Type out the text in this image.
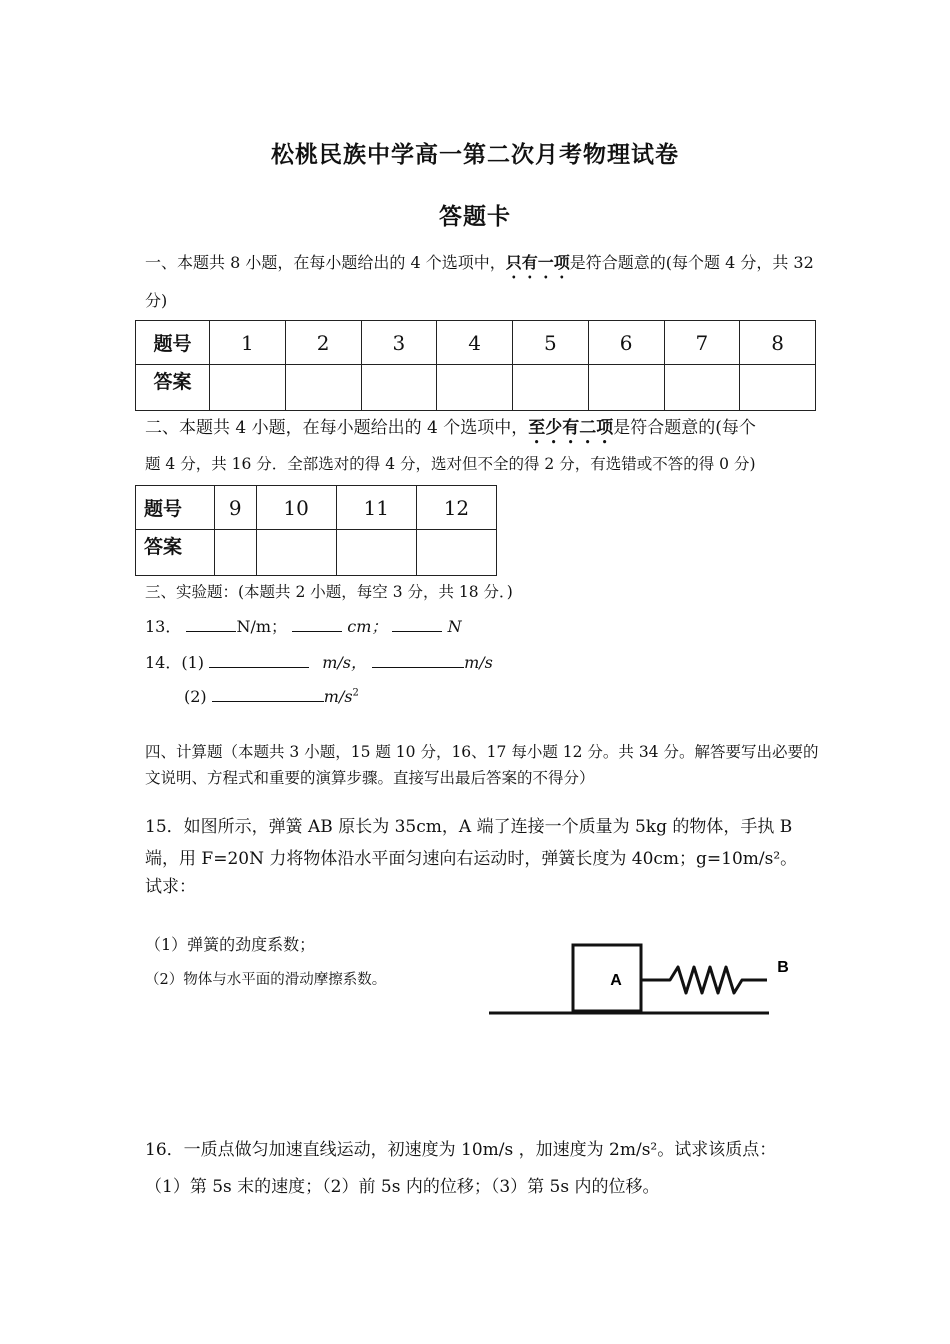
松桃民族中学高一第二次月考物理试卷
答题卡
一、本题共 8 小题，在每小题给出的 4 个选项中，只有一项是符合题意的(每个题 4 分，共 32
分)
题号	1	2	3	4	5	6	7	8
答案								
二、本题共 4 小题，在每小题给出的 4 个选项中，至少有二项是符合题意的(每个
题 4 分，共 16 分．全部选对的得 4 分，选对但不全的得 2 分，有选错或不答的得 0 分)
题号	9	10	11	12
答案				
三、实验题：(本题共 2 小题，每空 3 分，共 18 分．)
13．	N/m；	cm；	N
14．(1)	m/s，	m/s
(2)	$m/s^2$
四、计算题（本题共 3 小题，15 题 10 分，16、17 每小题 12 分。共 34 分。解答要写出必要的
文说明、方程式和重要的演算步骤。直接写出最后答案的不得分）
15．如图所示，弹簧 AB 原长为 35cm，A 端了连接一个质量为 5kg 的物体，手执 B
端，用 F=20N 力将物体沿水平面匀速向右运动时，弹簧长度为 40cm；g=10m/s²。
试求：
（1）弹簧的劲度系数；
（2）物体与水平面的滑动摩擦系数。	A
B
16．一质点做匀加速直线运动，初速度为 10m/s ，加速度为 2m/s²。试求该质点：
（1）第 5s 末的速度；（2）前 5s 内的位移；（3）第 5s 内的位移。
